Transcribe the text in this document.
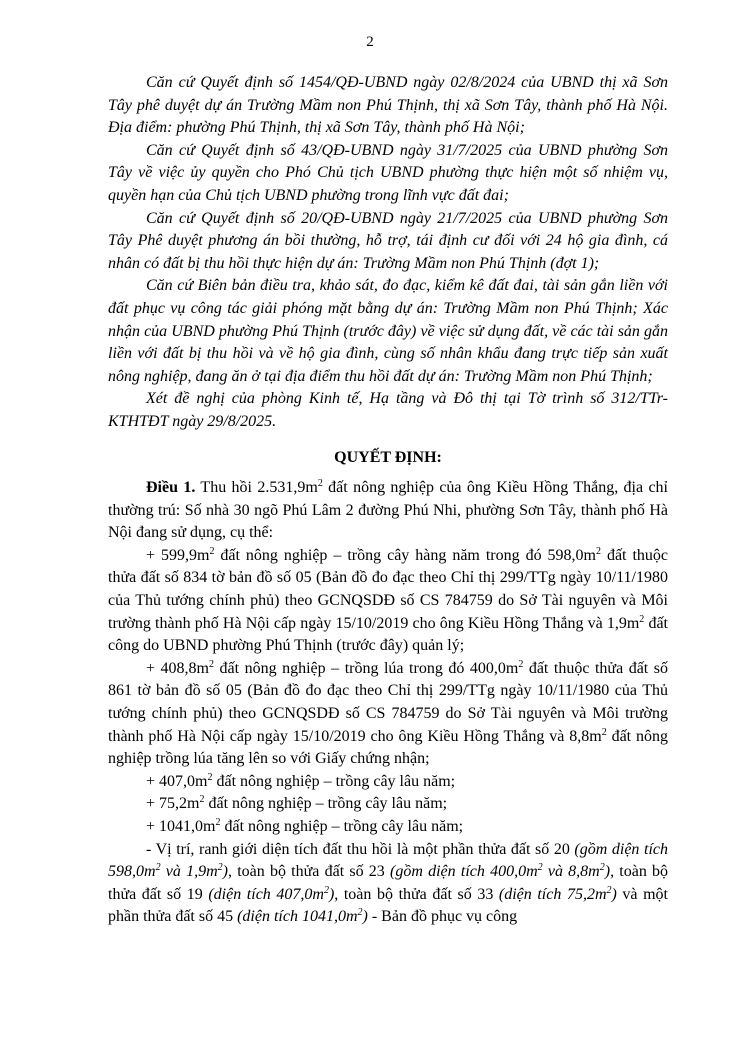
2

Căn cứ Quyết định số 1454/QĐ-UBND ngày 02/8/2024 của UBND thị xã Sơn Tây phê duyệt dự án Trường Mầm non Phú Thịnh, thị xã Sơn Tây, thành phố Hà Nội. Địa điểm: phường Phú Thịnh, thị xã Sơn Tây, thành phố Hà Nội;

Căn cứ Quyết định số 43/QĐ-UBND ngày 31/7/2025 của UBND phường Sơn Tây về việc ủy quyền cho Phó Chủ tịch UBND phường thực hiện một số nhiệm vụ, quyền hạn của Chủ tịch UBND phường trong lĩnh vực đất đai;

Căn cứ Quyết định số 20/QĐ-UBND ngày 21/7/2025 của UBND phường Sơn Tây Phê duyệt phương án bồi thường, hỗ trợ, tái định cư đối với 24 hộ gia đình, cá nhân có đất bị thu hồi thực hiện dự án: Trường Mầm non Phú Thịnh (đợt 1);

Căn cứ Biên bản điều tra, khảo sát, đo đạc, kiểm kê đất đai, tài sản gắn liền với đất phục vụ công tác giải phóng mặt bằng dự án: Trường Mầm non Phú Thịnh; Xác nhận của UBND phường Phú Thịnh (trước đây) về việc sử dụng đất, về các tài sản gắn liền với đất bị thu hồi và về hộ gia đình, cùng số nhân khẩu đang trực tiếp sản xuất nông nghiệp, đang ăn ở tại địa điểm thu hồi đất dự án: Trường Mầm non Phú Thịnh;

Xét đề nghị của phòng Kinh tế, Hạ tầng và Đô thị tại Tờ trình số 312/TTr-KTHTĐT ngày 29/8/2025.

QUYẾT ĐỊNH:

Điều 1. Thu hồi $2.531,9m^2$ đất nông nghiệp của ông Kiều Hồng Thắng, địa chỉ thường trú: Số nhà 30 ngõ Phú Lâm 2 đường Phú Nhi, phường Sơn Tây, thành phố Hà Nội đang sử dụng, cụ thể:

+ $599,9m^2$ đất nông nghiệp – trồng cây hàng năm trong đó $598,0m^2$ đất thuộc thửa đất số 834 tờ bản đồ số 05 (Bản đồ đo đạc theo Chỉ thị 299/TTg ngày 10/11/1980 của Thủ tướng chính phủ) theo GCNQSDĐ số CS 784759 do Sở Tài nguyên và Môi trường thành phố Hà Nội cấp ngày 15/10/2019 cho ông Kiều Hồng Thắng và $1,9m^2$ đất công do UBND phường Phú Thịnh (trước đây) quản lý;

+ $408,8m^2$ đất nông nghiệp – trồng lúa trong đó $400,0m^2$ đất thuộc thửa đất số 861 tờ bản đồ số 05 (Bản đồ đo đạc theo Chỉ thị 299/TTg ngày 10/11/1980 của Thủ tướng chính phủ) theo GCNQSDĐ số CS 784759 do Sở Tài nguyên và Môi trường thành phố Hà Nội cấp ngày 15/10/2019 cho ông Kiều Hồng Thắng và $8,8m^2$ đất nông nghiệp trồng lúa tăng lên so với Giấy chứng nhận;

+ $407,0m^2$ đất nông nghiệp – trồng cây lâu năm;

+ $75,2m^2$ đất nông nghiệp – trồng cây lâu năm;

+ $1041,0m^2$ đất nông nghiệp – trồng cây lâu năm;

- Vị trí, ranh giới diện tích đất thu hồi là một phần thửa đất số 20 (gồm diện tích $598,0m^2$ và $1,9m^2$), toàn bộ thửa đất số 23 (gồm diện tích $400,0m^2$ và $8,8m^2$), toàn bộ thửa đất số 19 (diện tích $407,0m^2$), toàn bộ thửa đất số 33 (diện tích $75,2m^2$) và một phần thửa đất số 45 (diện tích $1041,0m^2$) - Bản đồ phục vụ công
